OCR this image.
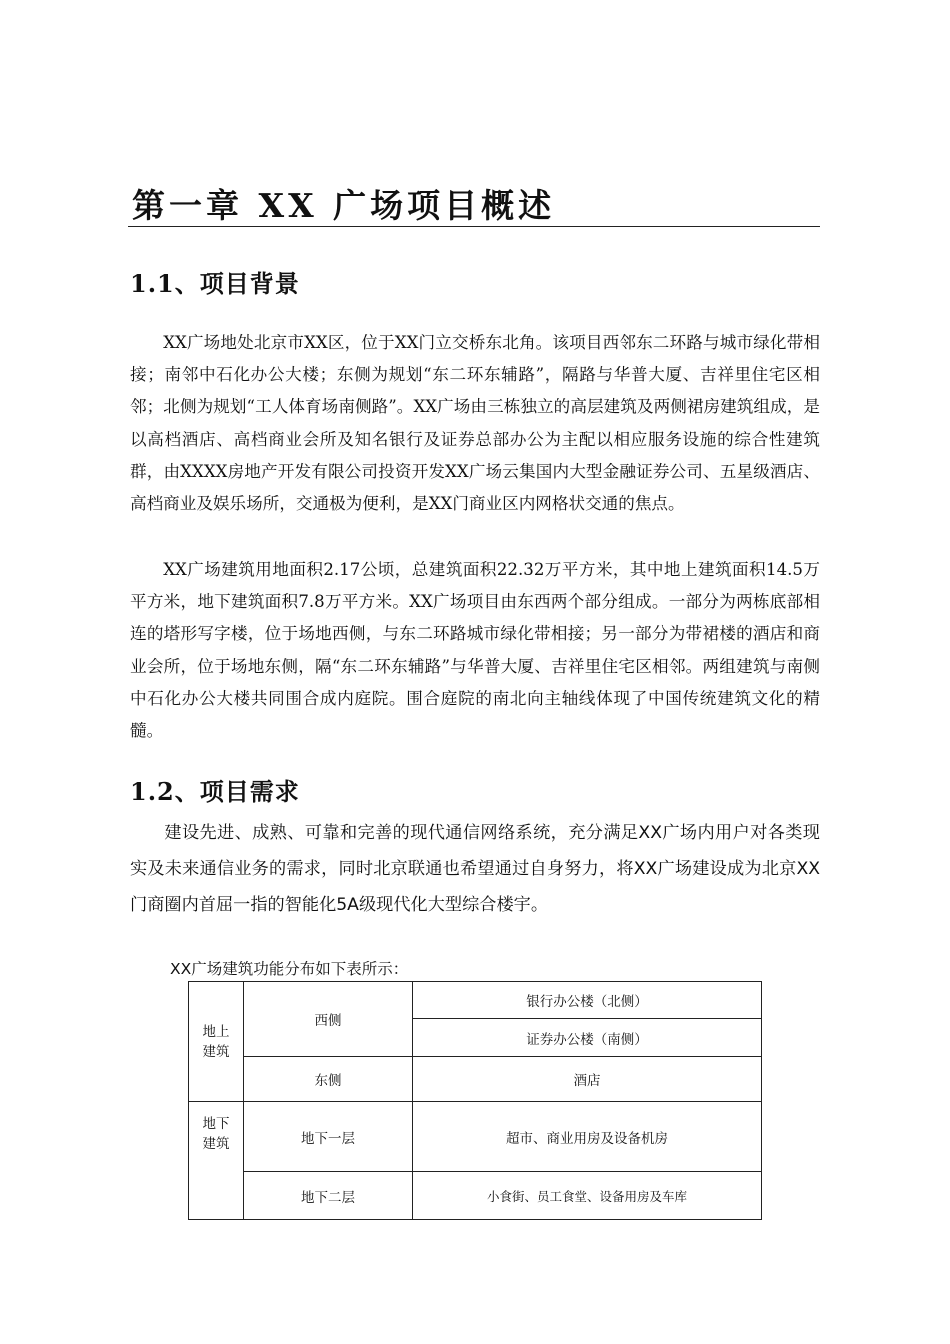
第一章 XX 广场项目概述
1.1、项目背景

XX广场地处北京市XX区，位于XX门立交桥东北角。该项目西邻东二环路与城市绿化带相接；南邻中石化办公大楼；东侧为规划“东二环东辅路”，隔路与华普大厦、吉祥里住宅区相邻；北侧为规划“工人体育场南侧路”。XX广场由三栋独立的高层建筑及两侧裙房建筑组成，是以高档酒店、高档商业会所及知名银行及证券总部办公为主配以相应服务设施的综合性建筑群，由XXXX房地产开发有限公司投资开发XX广场云集国内大型金融证券公司、五星级酒店、高档商业及娱乐场所，交通极为便利，是XX门商业区内网格状交通的焦点。

XX广场建筑用地面积2.17公顷，总建筑面积22.32万平方米，其中地上建筑面积14.5万平方米，地下建筑面积7.8万平方米。XX广场项目由东西两个部分组成。一部分为两栋底部相连的塔形写字楼，位于场地西侧，与东二环路城市绿化带相接；另一部分为带裙楼的酒店和商业会所，位于场地东侧，隔“东二环东辅路”与华普大厦、吉祥里住宅区相邻。两组建筑与南侧中石化办公大楼共同围合成内庭院。围合庭院的南北向主轴线体现了中国传统建筑文化的精髓。

1.2、项目需求

建设先进、成熟、可靠和完善的现代通信网络系统，充分满足XX广场内用户对各类现实及未来通信业务的需求，同时北京联通也希望通过自身努力，将XX广场建设成为北京XX门商圈内首屈一指的智能化5A级现代化大型综合楼宇。

XX广场建筑功能分布如下表所示：
地上建筑	西侧	银行办公楼（北侧）
		证券办公楼（南侧）
	东侧	酒店
地下建筑	地下一层	超市、商业用房及设备机房
	地下二层	小食街、员工食堂、设备用房及车库
